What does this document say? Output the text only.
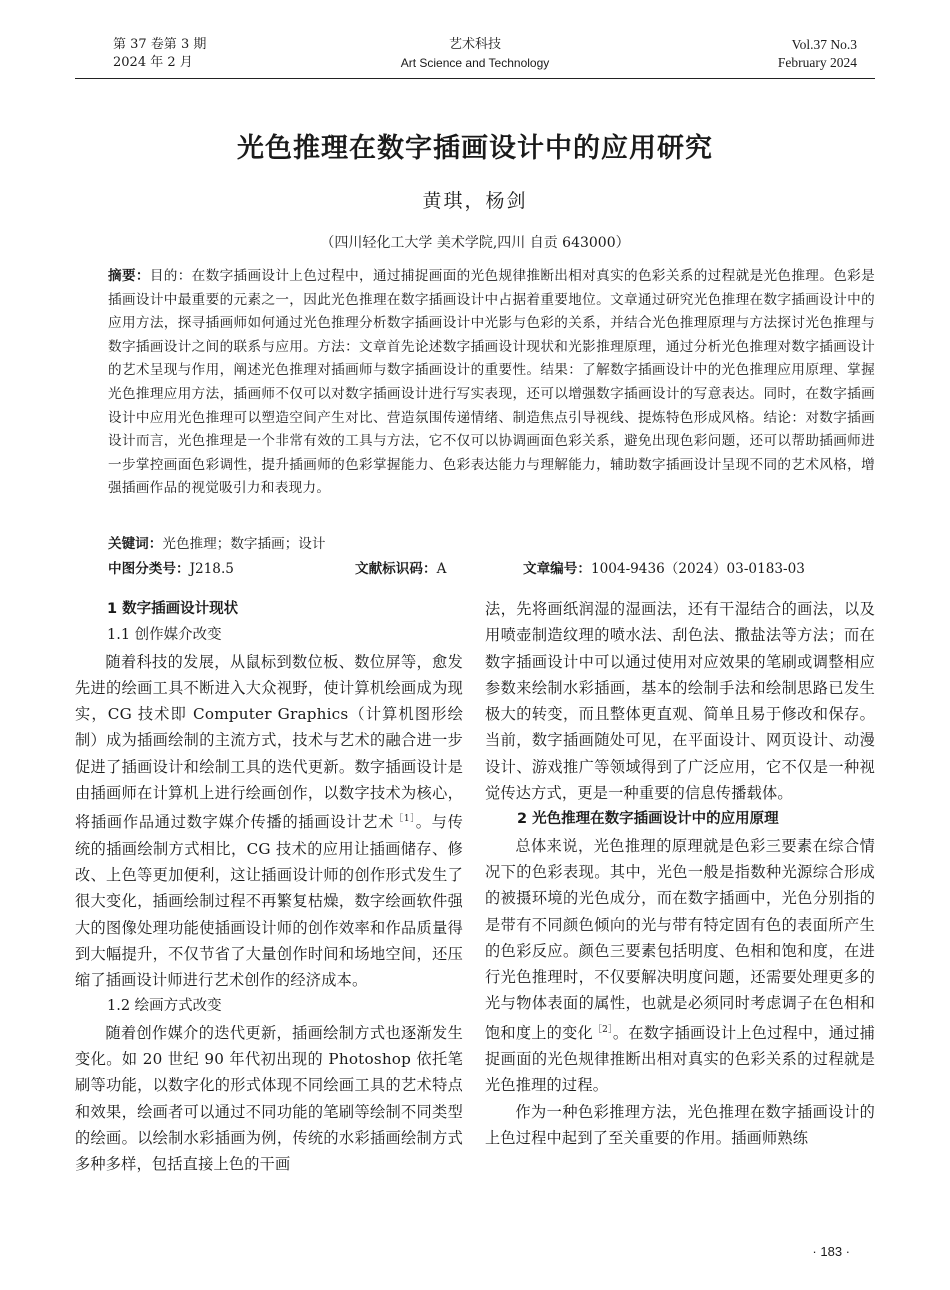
第 37 卷第 3 期
2024 年 2 月
艺术科技
Art Science and Technology
Vol.37 No.3
February 2024
光色推理在数字插画设计中的应用研究
黄琪，杨剑
（四川轻化工大学 美术学院,四川 自贡 643000）
摘要：目的：在数字插画设计上色过程中，通过捕捉画面的光色规律推断出相对真实的色彩关系的过程就是光色推理。色彩是插画设计中最重要的元素之一，因此光色推理在数字插画设计中占据着重要地位。文章通过研究光色推理在数字插画设计中的应用方法，探寻插画师如何通过光色推理分析数字插画设计中光影与色彩的关系，并结合光色推理原理与方法探讨光色推理与数字插画设计之间的联系与应用。方法：文章首先论述数字插画设计现状和光影推理原理，通过分析光色推理对数字插画设计的艺术呈现与作用，阐述光色推理对插画师与数字插画设计的重要性。结果：了解数字插画设计中的光色推理应用原理、掌握光色推理应用方法，插画师不仅可以对数字插画设计进行写实表现，还可以增强数字插画设计的写意表达。同时，在数字插画设计中应用光色推理可以塑造空间产生对比、营造氛围传递情绪、制造焦点引导视线、提炼特色形成风格。结论：对数字插画设计而言，光色推理是一个非常有效的工具与方法，它不仅可以协调画面色彩关系，避免出现色彩问题，还可以帮助插画师进一步掌控画面色彩调性，提升插画师的色彩掌握能力、色彩表达能力与理解能力，辅助数字插画设计呈现不同的艺术风格，增强插画作品的视觉吸引力和表现力。
关键词：光色推理；数字插画；设计
中图分类号：J218.5	文献标识码：A	文章编号：1004-9436（2024）03-0183-03

1 数字插画设计现状

1.1 创作媒介改变

随着科技的发展，从鼠标到数位板、数位屏等，愈发先进的绘画工具不断进入大众视野，使计算机绘画成为现实，CG 技术即 Computer Graphics（计算机图形绘制）成为插画绘制的主流方式，技术与艺术的融合进一步促进了插画设计和绘制工具的迭代更新。数字插画设计是由插画师在计算机上进行绘画创作，以数字技术为核心，将插画作品通过数字媒介传播的插画设计艺术$^{[1]}$。与传统的插画绘制方式相比，CG 技术的应用让插画储存、修改、上色等更加便利，这让插画设计师的创作形式发生了很大变化，插画绘制过程不再繁复枯燥，数字绘画软件强大的图像处理功能使插画设计师的创作效率和作品质量得到大幅提升，不仅节省了大量创作时间和场地空间，还压缩了插画设计师进行艺术创作的经济成本。

1.2 绘画方式改变

随着创作媒介的迭代更新，插画绘制方式也逐渐发生变化。如 20 世纪 90 年代初出现的 Photoshop 依托笔刷等功能，以数字化的形式体现不同绘画工具的艺术特点和效果，绘画者可以通过不同功能的笔刷等绘制不同类型的绘画。以绘制水彩插画为例，传统的水彩插画绘制方式多种多样，包括直接上色的干画

法，先将画纸润湿的湿画法，还有干湿结合的画法，以及用喷壶制造纹理的喷水法、刮色法、撒盐法等方法；而在数字插画设计中可以通过使用对应效果的笔刷或调整相应参数来绘制水彩插画，基本的绘制手法和绘制思路已发生极大的转变，而且整体更直观、简单且易于修改和保存。当前，数字插画随处可见，在平面设计、网页设计、动漫设计、游戏推广等领域得到了广泛应用，它不仅是一种视觉传达方式，更是一种重要的信息传播载体。

2 光色推理在数字插画设计中的应用原理

总体来说，光色推理的原理就是色彩三要素在综合情况下的色彩表现。其中，光色一般是指数种光源综合形成的被摄环境的光色成分，而在数字插画中，光色分别指的是带有不同颜色倾向的光与带有特定固有色的表面所产生的色彩反应。颜色三要素包括明度、色相和饱和度，在进行光色推理时，不仅要解决明度问题，还需要处理更多的光与物体表面的属性，也就是必须同时考虑调子在色相和饱和度上的变化$^{[2]}$。在数字插画设计上色过程中，通过捕捉画面的光色规律推断出相对真实的色彩关系的过程就是光色推理的过程。

作为一种色彩推理方法，光色推理在数字插画设计的上色过程中起到了至关重要的作用。插画师熟练

· 183 ·
